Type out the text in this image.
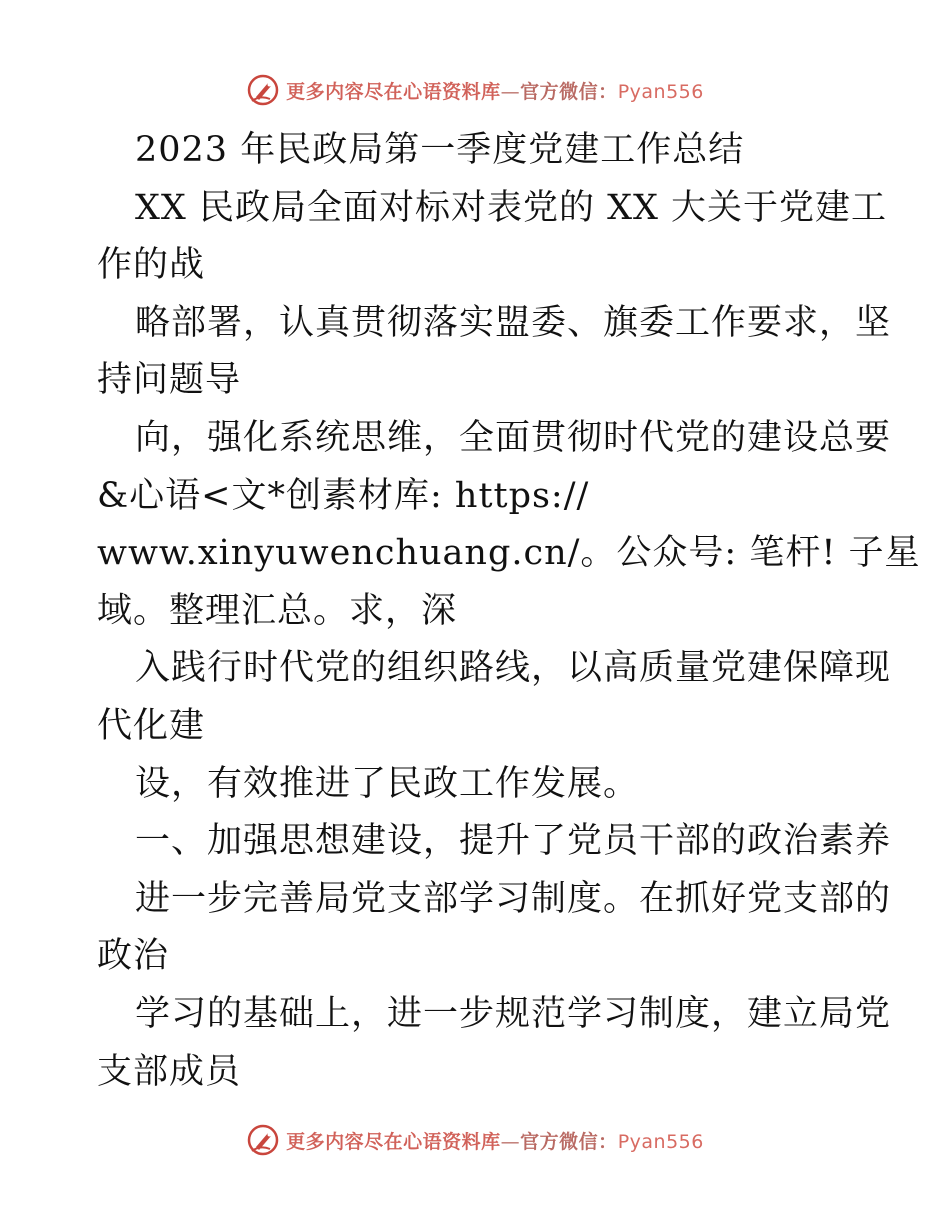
更多内容尽在心语资料库—官方微信：Pyan556
2023 年民政局第一季度党建工作总结
XX 民政局全面对标对表党的 XX 大关于党建工
作的战
略部署，认真贯彻落实盟委、旗委工作要求，坚
持问题导
向，强化系统思维，全面贯彻时代党的建设总要
&心语<文*创素材库: https://
www.xinyuwenchuang.cn/。公众号: 笔杆! 子星
域。整理汇总。求，深
入践行时代党的组织路线，以高质量党建保障现
代化建
设，有效推进了民政工作发展。
一、加强思想建设，提升了党员干部的政治素养
进一步完善局党支部学习制度。在抓好党支部的
政治
学习的基础上，进一步规范学习制度，建立局党
支部成员
更多内容尽在心语资料库—官方微信：Pyan556
